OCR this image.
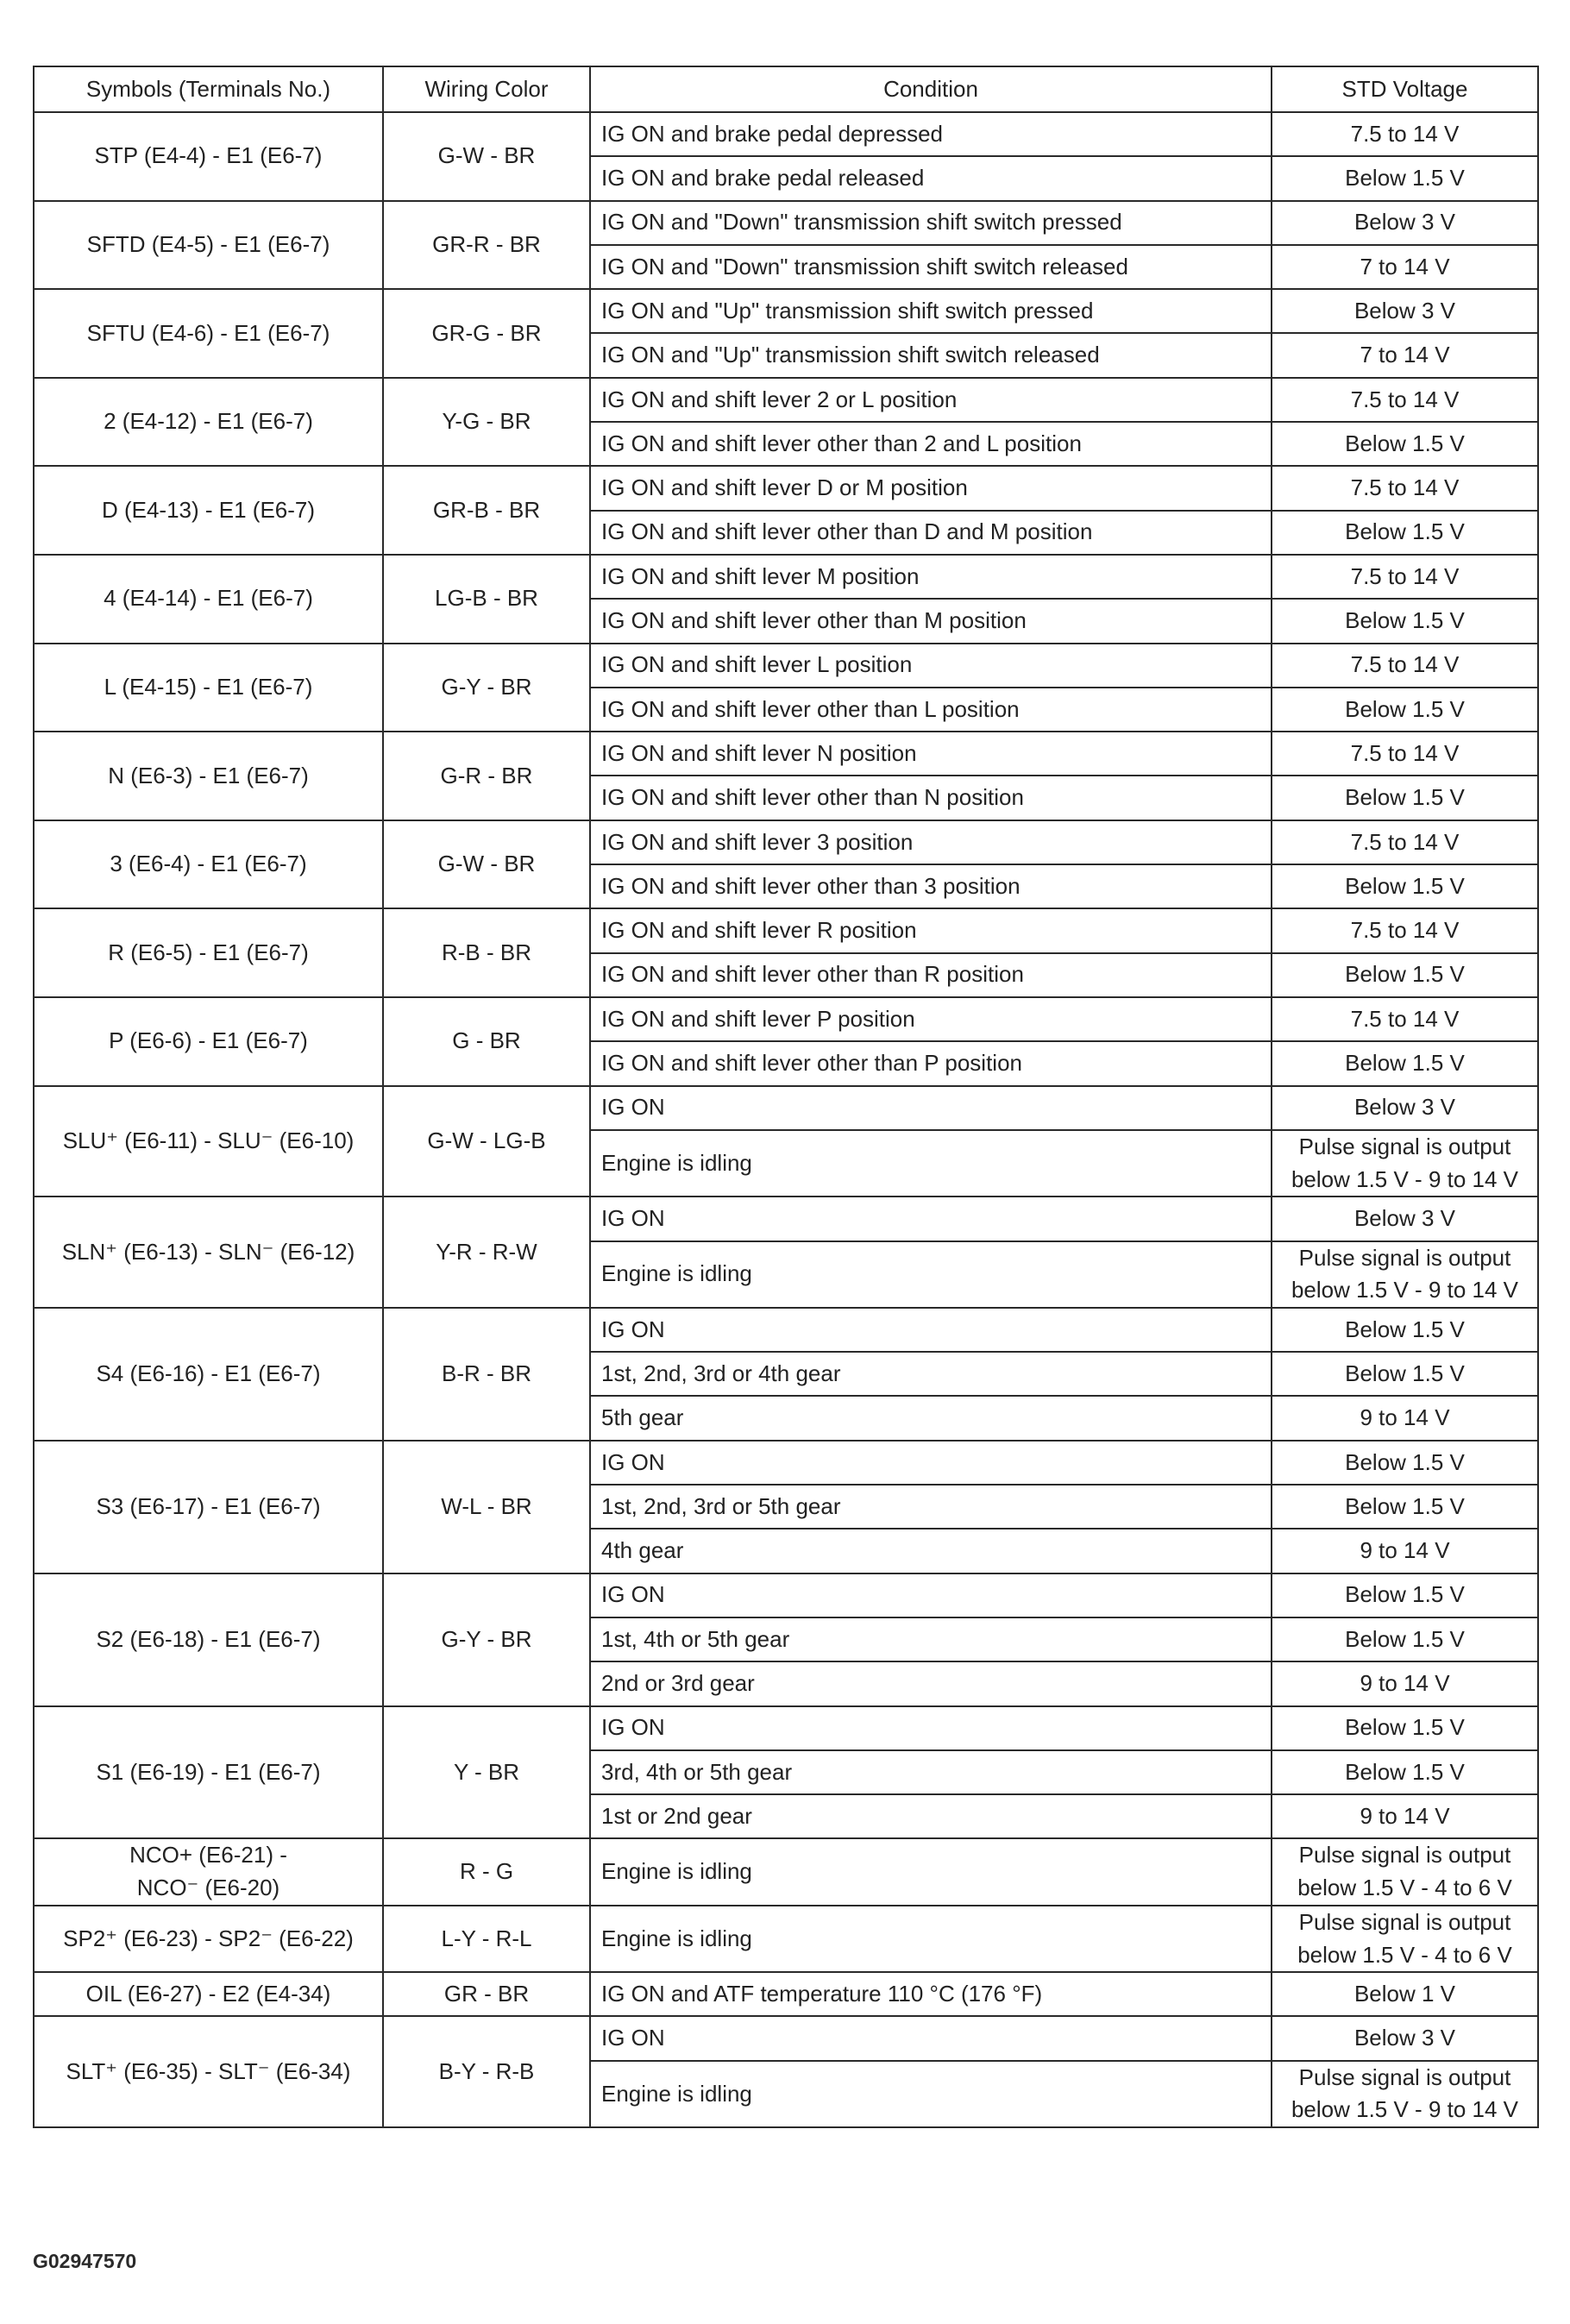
Symbols (Terminals No.)	Wiring Color	Condition	STD Voltage
STP (E4-4) - E1 (E6-7)	G-W - BR	IG ON and brake pedal depressed	7.5 to 14 V
		IG ON and brake pedal released	Below 1.5 V
SFTD (E4-5) - E1 (E6-7)	GR-R - BR	IG ON and "Down" transmission shift switch pressed	Below 3 V
		IG ON and "Down" transmission shift switch released	7 to 14 V
SFTU (E4-6) - E1 (E6-7)	GR-G - BR	IG ON and "Up" transmission shift switch pressed	Below 3 V
		IG ON and "Up" transmission shift switch released	7 to 14 V
2 (E4-12) - E1 (E6-7)	Y-G - BR	IG ON and shift lever 2 or L position	7.5 to 14 V
		IG ON and shift lever other than 2 and L position	Below 1.5 V
D (E4-13) - E1 (E6-7)	GR-B - BR	IG ON and shift lever D or M position	7.5 to 14 V
		IG ON and shift lever other than D and M position	Below 1.5 V
4 (E4-14) - E1 (E6-7)	LG-B - BR	IG ON and shift lever M position	7.5 to 14 V
		IG ON and shift lever other than M position	Below 1.5 V
L (E4-15) - E1 (E6-7)	G-Y - BR	IG ON and shift lever L position	7.5 to 14 V
		IG ON and shift lever other than L position	Below 1.5 V
N (E6-3) - E1 (E6-7)	G-R - BR	IG ON and shift lever N position	7.5 to 14 V
		IG ON and shift lever other than N position	Below 1.5 V
3 (E6-4) - E1 (E6-7)	G-W - BR	IG ON and shift lever 3 position	7.5 to 14 V
		IG ON and shift lever other than 3 position	Below 1.5 V
R (E6-5) - E1 (E6-7)	R-B - BR	IG ON and shift lever R position	7.5 to 14 V
		IG ON and shift lever other than R position	Below 1.5 V
P (E6-6) - E1 (E6-7)	G - BR	IG ON and shift lever P position	7.5 to 14 V
		IG ON and shift lever other than P position	Below 1.5 V
SLU⁺ (E6-11) - SLU⁻ (E6-10)	G-W - LG-B	IG ON	Below 3 V
		Engine is idling	Pulse signal is output
below 1.5 V - 9 to 14 V

SLN⁺ (E6-13) - SLN⁻ (E6-12)	Y-R - R-W	IG ON	Below 3 V
		Engine is idling	Pulse signal is output
below 1.5 V - 9 to 14 V

S4 (E6-16) - E1 (E6-7)	B-R - BR	IG ON	Below 1.5 V
		1st, 2nd, 3rd or 4th gear	Below 1.5 V
		5th gear	9 to 14 V
S3 (E6-17) - E1 (E6-7)	W-L - BR	IG ON	Below 1.5 V
		1st, 2nd, 3rd or 5th gear	Below 1.5 V
		4th gear	9 to 14 V
S2 (E6-18) - E1 (E6-7)	G-Y - BR	IG ON	Below 1.5 V
		1st, 4th or 5th gear	Below 1.5 V
		2nd or 3rd gear	9 to 14 V
S1 (E6-19) - E1 (E6-7)	Y - BR	IG ON	Below 1.5 V
		3rd, 4th or 5th gear	Below 1.5 V
		1st or 2nd gear	9 to 14 V

NCO+ (E6-21) -
NCO⁻ (E6-20)	R - G	Engine is idling	Pulse signal is output
below 1.5 V - 4 to 6 V

SP2⁺ (E6-23) - SP2⁻ (E6-22)	L-Y - R-L	Engine is idling	Pulse signal is output
below 1.5 V - 4 to 6 V

OIL (E6-27) - E2 (E4-34)	GR - BR	IG ON and ATF temperature 110 °C (176 °F)	Below 1 V
SLT⁺ (E6-35) - SLT⁻ (E6-34)	B-Y - R-B	IG ON	Below 3 V
		Engine is idling	Pulse signal is output
below 1.5 V - 9 to 14 V
G02947570
